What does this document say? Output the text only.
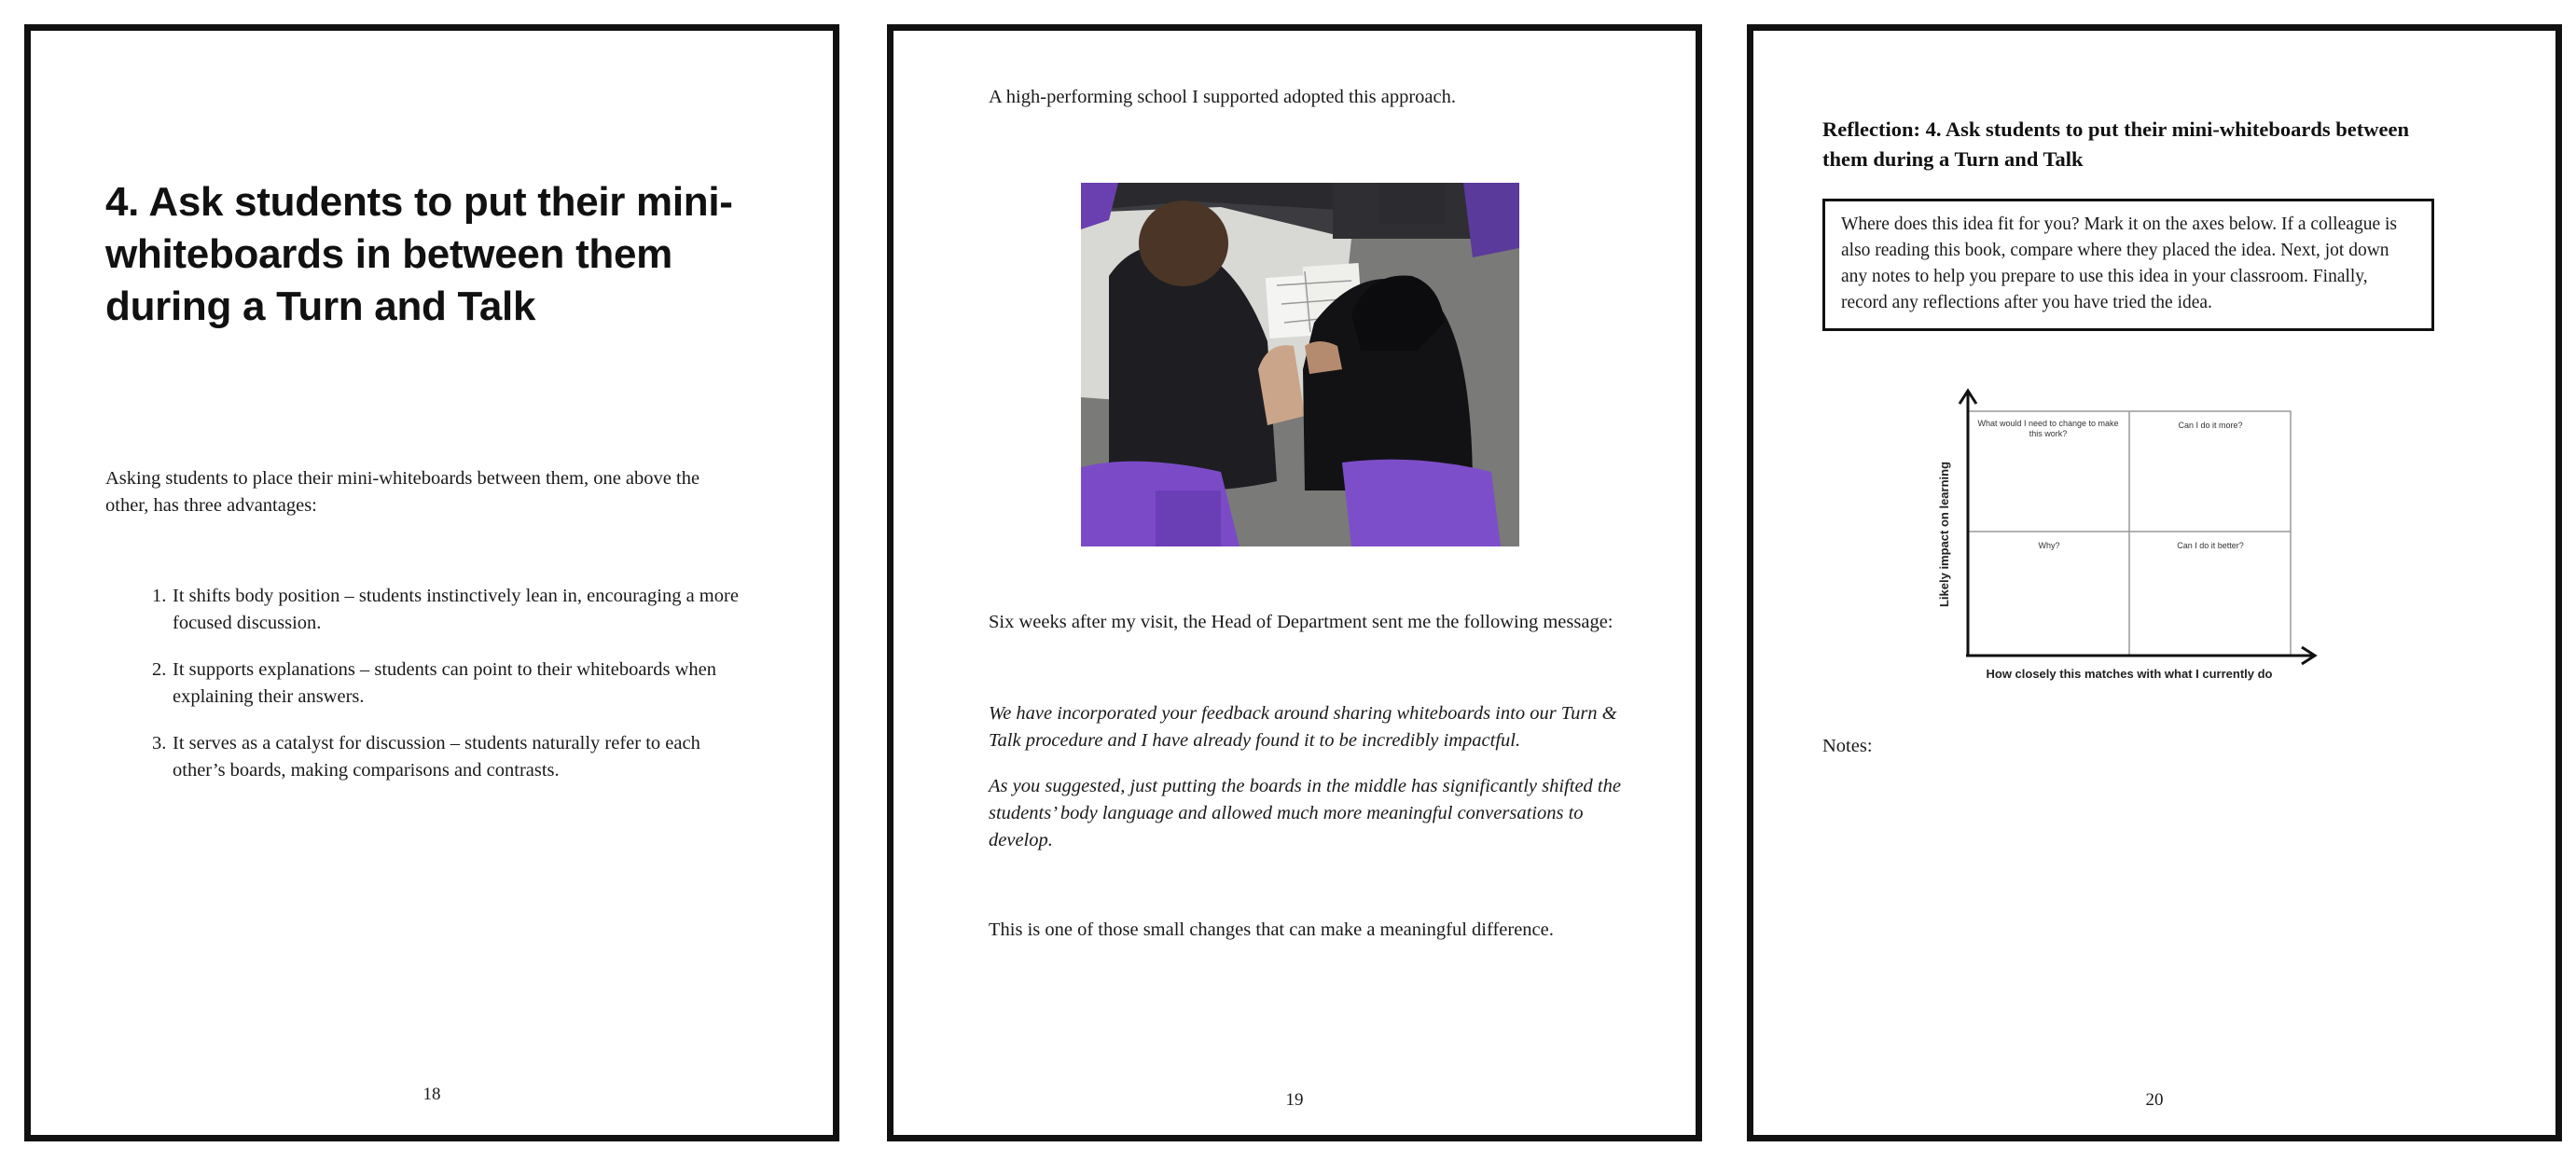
4. Ask students to put their mini-whiteboards in between them during a Turn and Talk

Asking students to place their mini-whiteboards between them, one above the other, has three advantages:

1. It shifts body position – students instinctively lean in, encouraging a more focused discussion.
2. It supports explanations – students can point to their whiteboards when explaining their answers.
3. It serves as a catalyst for discussion – students naturally refer to each other’s boards, making comparisons and contrasts.
18

A high-performing school I supported adopted this approach.

Six weeks after my visit, the Head of Department sent me the following message:

We have incorporated your feedback around sharing whiteboards into our Turn & Talk procedure and I have already found it to be incredibly impactful.

As you suggested, just putting the boards in the middle has significantly shifted the students’ body language and allowed much more meaningful conversations to develop.

This is one of those small changes that can make a meaningful difference.

19
Reflection: 4. Ask students to put their mini-whiteboards between them during a Turn and Talk
Where does this idea fit for you? Mark it on the axes below. If a colleague is also reading this book, compare where they placed the idea. Next, jot down any notes to help you prepare to use this idea in your classroom. Finally, record any reflections after you have tried the idea.
Likely impact on learning
How closely this matches with what I currently do
What would I need to change to make this work?
Can I do it more?
Why?	Can I do it better?
Notes:
20
